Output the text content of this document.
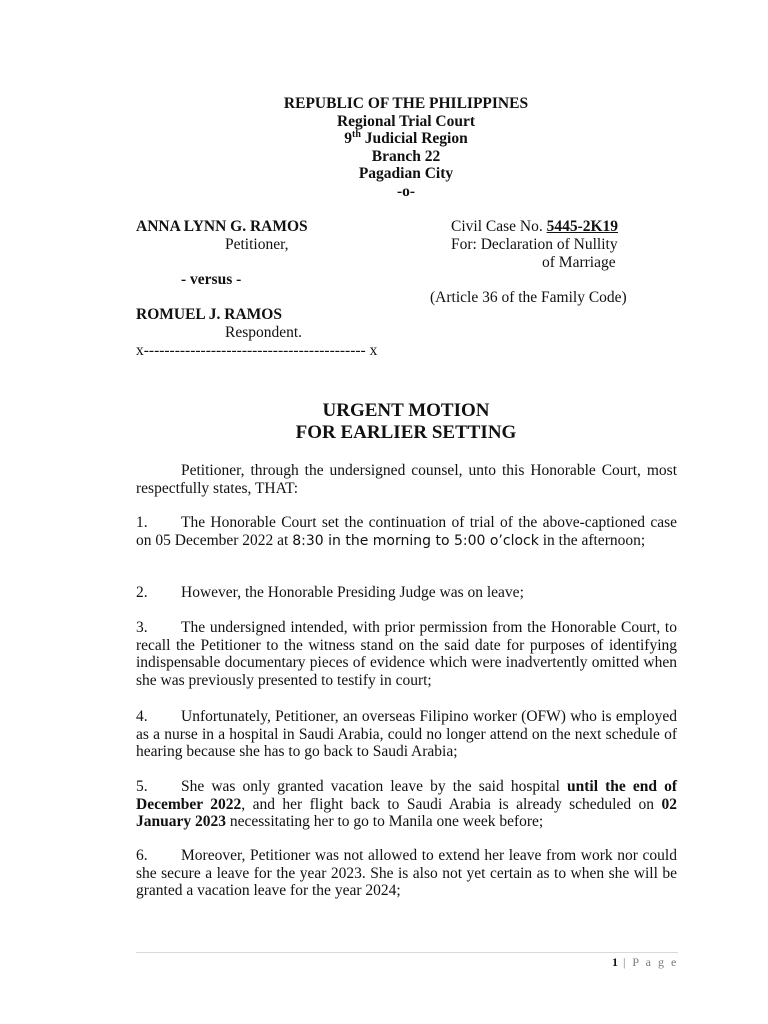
REPUBLIC OF THE PHILIPPINES
Regional Trial Court
9th Judicial Region
Branch 22
Pagadian City
-o-
ANNA LYNN G. RAMOS
Petitioner,
- versus -
ROMUEL J. RAMOS
Respondent.
x------------------------------------------- x
Civil Case No. 5445-2K19
For: Declaration of Nullity
of Marriage
(Article 36 of the Family Code)
URGENT MOTION
FOR EARLIER SETTING
Petitioner, through the undersigned counsel, unto this Honorable Court, most respectfully states, THAT:
1. The Honorable Court set the continuation of trial of the above-captioned case on 05 December 2022 at 8:30 in the morning to 5:00 o’clock in the afternoon;
2. However, the Honorable Presiding Judge was on leave;
3. The undersigned intended, with prior permission from the Honorable Court, to recall the Petitioner to the witness stand on the said date for purposes of identifying indispensable documentary pieces of evidence which were inadvertently omitted when she was previously presented to testify in court;
4. Unfortunately, Petitioner, an overseas Filipino worker (OFW) who is employed as a nurse in a hospital in Saudi Arabia, could no longer attend on the next schedule of hearing because she has to go back to Saudi Arabia;
5. She was only granted vacation leave by the said hospital until the end of December 2022, and her flight back to Saudi Arabia is already scheduled on 02 January 2023 necessitating her to go to Manila one week before;
6. Moreover, Petitioner was not allowed to extend her leave from work nor could she secure a leave for the year 2023. She is also not yet certain as to when she will be granted a vacation leave for the year 2024;
1 | P a g e
